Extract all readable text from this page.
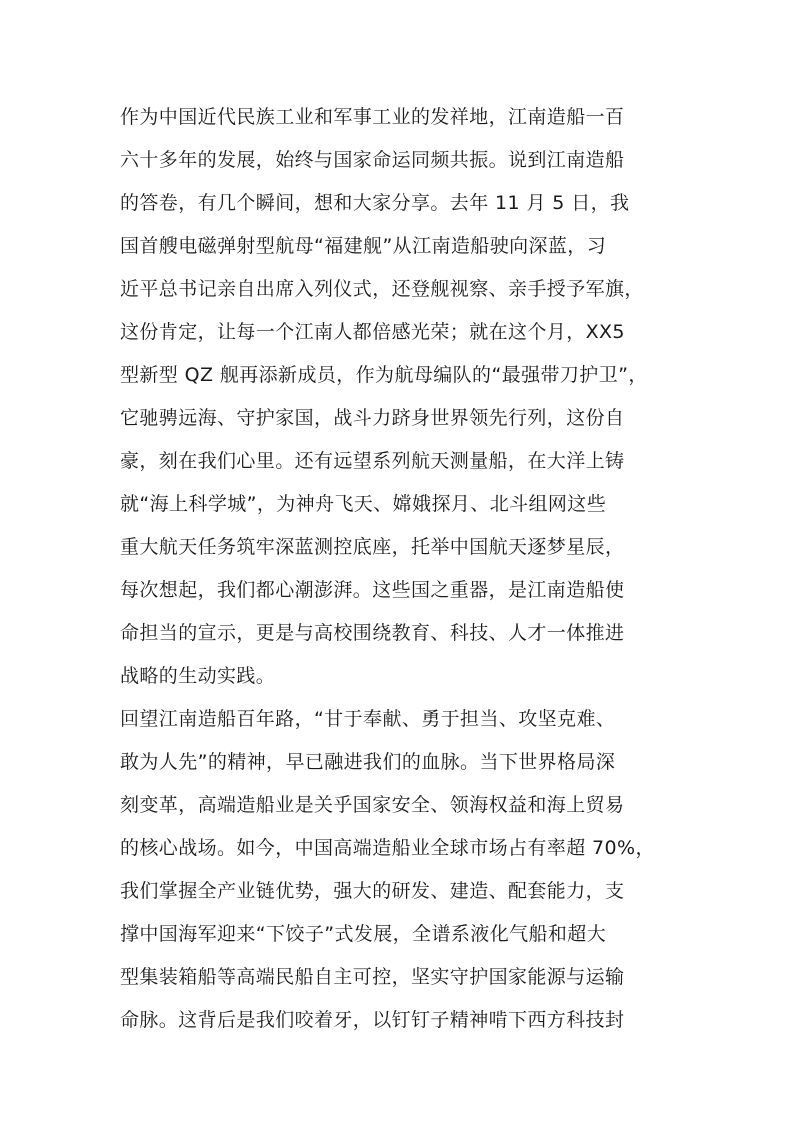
作为中国近代民族工业和军事工业的发祥地，江南造船一百
六十多年的发展，始终与国家命运同频共振。说到江南造船
的答卷，有几个瞬间，想和大家分享。去年 11 月 5 日，我
国首艘电磁弹射型航母“福建舰”从江南造船驶向深蓝，习
近平总书记亲自出席入列仪式，还登舰视察、亲手授予军旗，
这份肯定，让每一个江南人都倍感光荣；就在这个月，XX5
型新型 QZ 舰再添新成员，作为航母编队的“最强带刀护卫”，
它驰骋远海、守护家国，战斗力跻身世界领先行列，这份自
豪，刻在我们心里。还有远望系列航天测量船，在大洋上铸
就“海上科学城”，为神舟飞天、嫦娥探月、北斗组网这些
重大航天任务筑牢深蓝测控底座，托举中国航天逐梦星辰，
每次想起，我们都心潮澎湃。这些国之重器，是江南造船使
命担当的宣示，更是与高校围绕教育、科技、人才一体推进
战略的生动实践。
回望江南造船百年路，“甘于奉献、勇于担当、攻坚克难、
敢为人先”的精神，早已融进我们的血脉。当下世界格局深
刻变革，高端造船业是关乎国家安全、领海权益和海上贸易
的核心战场。如今，中国高端造船业全球市场占有率超 70%，
我们掌握全产业链优势，强大的研发、建造、配套能力，支
撑中国海军迎来“下饺子”式发展，全谱系液化气船和超大
型集装箱船等高端民船自主可控，坚实守护国家能源与运输
命脉。这背后是我们咬着牙，以钉钉子精神啃下西方科技封
